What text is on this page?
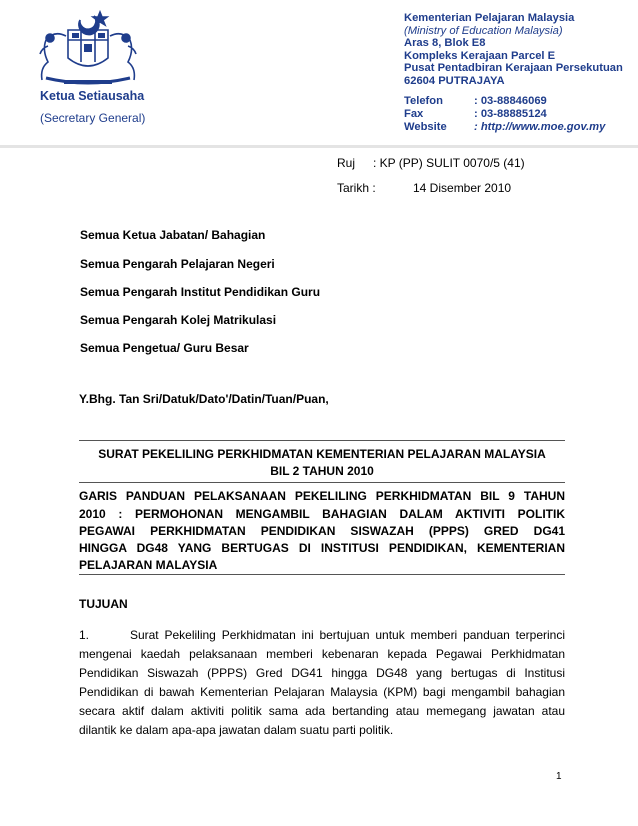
Ketua Setiausaha
(Secretary General)
Kementerian Pelajaran Malaysia
(Ministry of Education Malaysia)
Aras 8, Blok E8
Kompleks Kerajaan Parcel E
Pusat Pentadbiran Kerajaan Persekutuan
62604 PUTRAJAYA
Telefon	: 03-88846069
Fax	: 03-88885124
Website	: http://www.moe.gov.my
Ruj : KP (PP) SULIT 0070/5 (41)
Tarikh :	14 Disember 2010
Semua Ketua Jabatan/ Bahagian
Semua Pengarah Pelajaran Negeri
Semua Pengarah Institut Pendidikan Guru
Semua Pengarah Kolej Matrikulasi
Semua Pengetua/ Guru Besar
Y.Bhg. Tan Sri/Datuk/Dato'/Datin/Tuan/Puan,
SURAT PEKELILING PERKHIDMATAN KEMENTERIAN PELAJARAN MALAYSIA
BIL 2 TAHUN 2010
GARIS PANDUAN PELAKSANAAN PEKELILING PERKHIDMATAN BIL 9 TAHUN
2010 : PERMOHONAN MENGAMBIL BAHAGIAN DALAM AKTIVITI POLITIK
PEGAWAI PERKHIDMATAN PENDIDIKAN SISWAZAH (PPPS) GRED DG41
HINGGA DG48 YANG BERTUGAS DI INSTITUSI PENDIDIKAN, KEMENTERIAN
PELAJARAN MALAYSIA
TUJUAN
1.       Surat Pekeliling Perkhidmatan ini bertujuan untuk memberi panduan terperinci
mengenai kaedah pelaksanaan memberi kebenaran kepada Pegawai Perkhidmatan
Pendidikan Siswazah (PPPS) Gred DG41 hingga DG48 yang bertugas di Institusi
Pendidikan di bawah Kementerian Pelajaran Malaysia (KPM) bagi mengambil bahagian
secara aktif dalam aktiviti politik sama ada bertanding atau memegang jawatan atau
dilantik ke dalam apa-apa jawatan dalam suatu parti politik.
1
